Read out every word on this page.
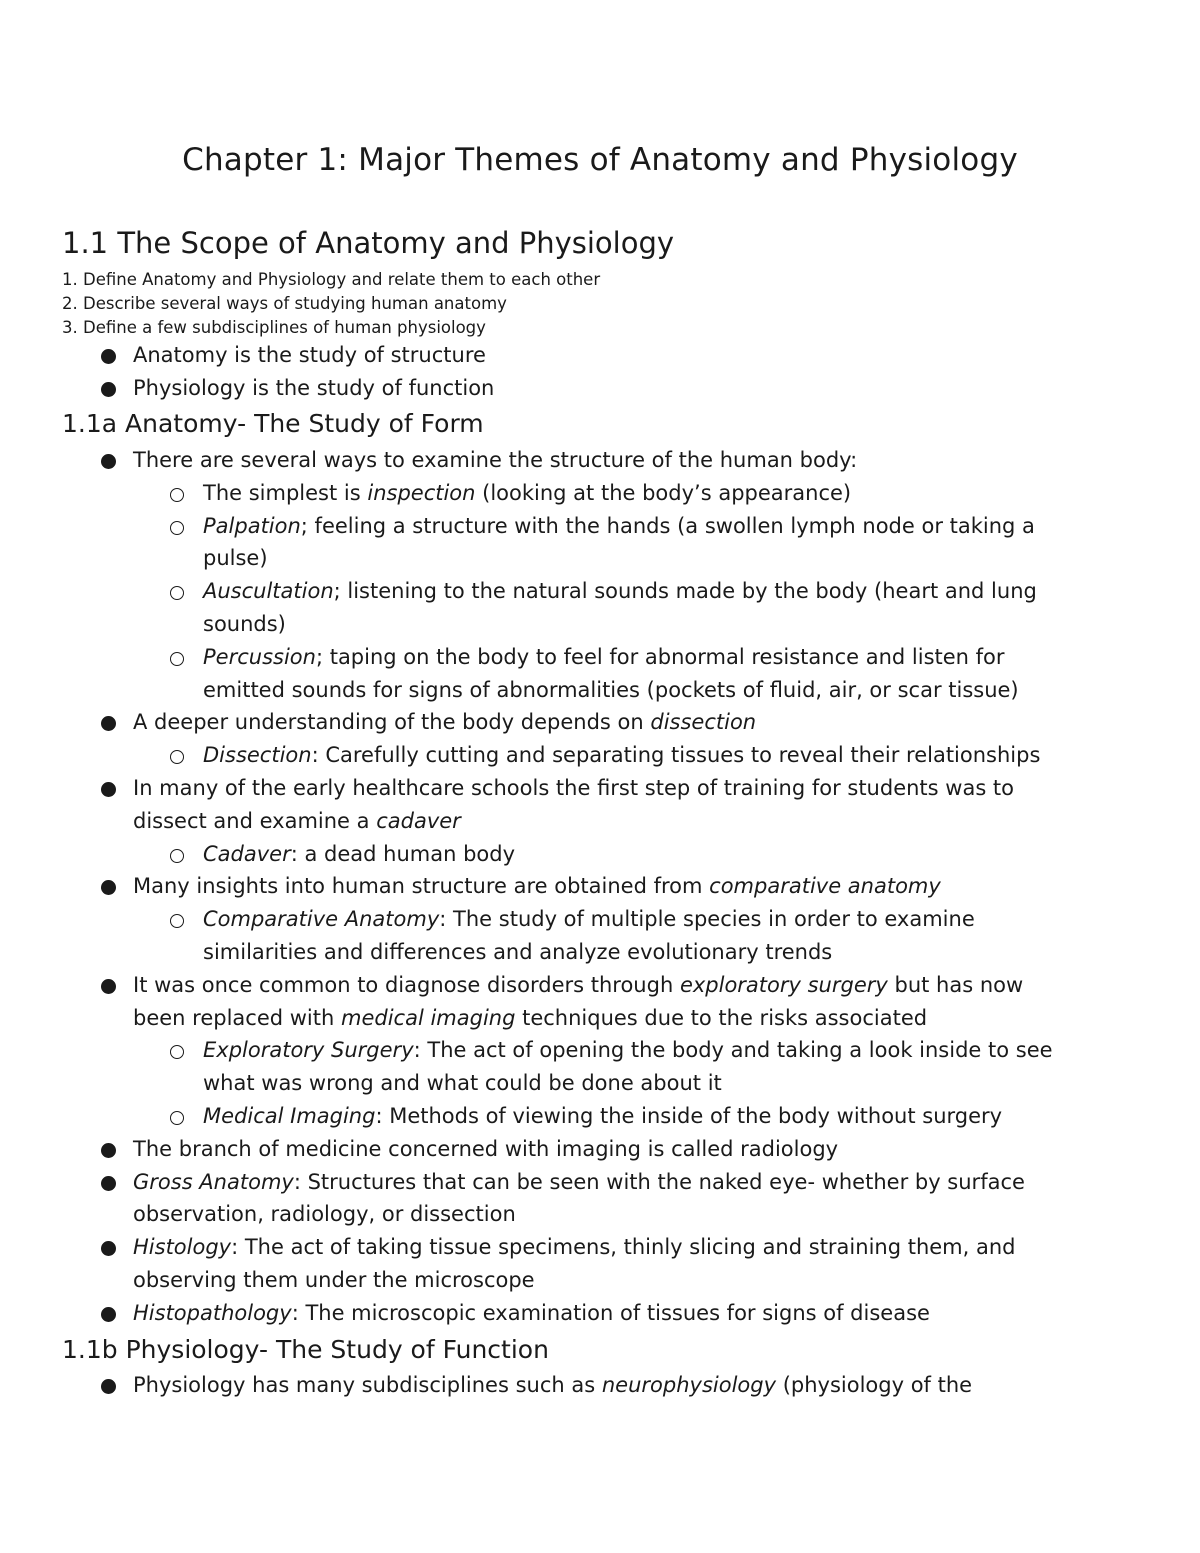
Chapter 1: Major Themes of Anatomy and Physiology
1.1 The Scope of Anatomy and Physiology
1. Define Anatomy and Physiology and relate them to each other
2. Describe several ways of studying human anatomy
3. Define a few subdisciplines of human physiology
Anatomy is the study of structure
Physiology is the study of function
1.1a Anatomy- The Study of Form
There are several ways to examine the structure of the human body:
The simplest is inspection (looking at the body’s appearance)
Palpation; feeling a structure with the hands (a swollen lymph node or taking a
pulse)
Auscultation; listening to the natural sounds made by the body (heart and lung
sounds)
Percussion; taping on the body to feel for abnormal resistance and listen for
emitted sounds for signs of abnormalities (pockets of fluid, air, or scar tissue)
A deeper understanding of the body depends on dissection
Dissection: Carefully cutting and separating tissues to reveal their relationships
In many of the early healthcare schools the first step of training for students was to
dissect and examine a cadaver
Cadaver: a dead human body
Many insights into human structure are obtained from comparative anatomy
Comparative Anatomy: The study of multiple species in order to examine
similarities and differences and analyze evolutionary trends
It was once common to diagnose disorders through exploratory surgery but has now
been replaced with medical imaging techniques due to the risks associated
Exploratory Surgery: The act of opening the body and taking a look inside to see
what was wrong and what could be done about it
Medical Imaging: Methods of viewing the inside of the body without surgery
The branch of medicine concerned with imaging is called radiology
Gross Anatomy: Structures that can be seen with the naked eye- whether by surface
observation, radiology, or dissection
Histology: The act of taking tissue specimens, thinly slicing and straining them, and
observing them under the microscope
Histopathology: The microscopic examination of tissues for signs of disease
1.1b Physiology- The Study of Function
Physiology has many subdisciplines such as neurophysiology (physiology of the
